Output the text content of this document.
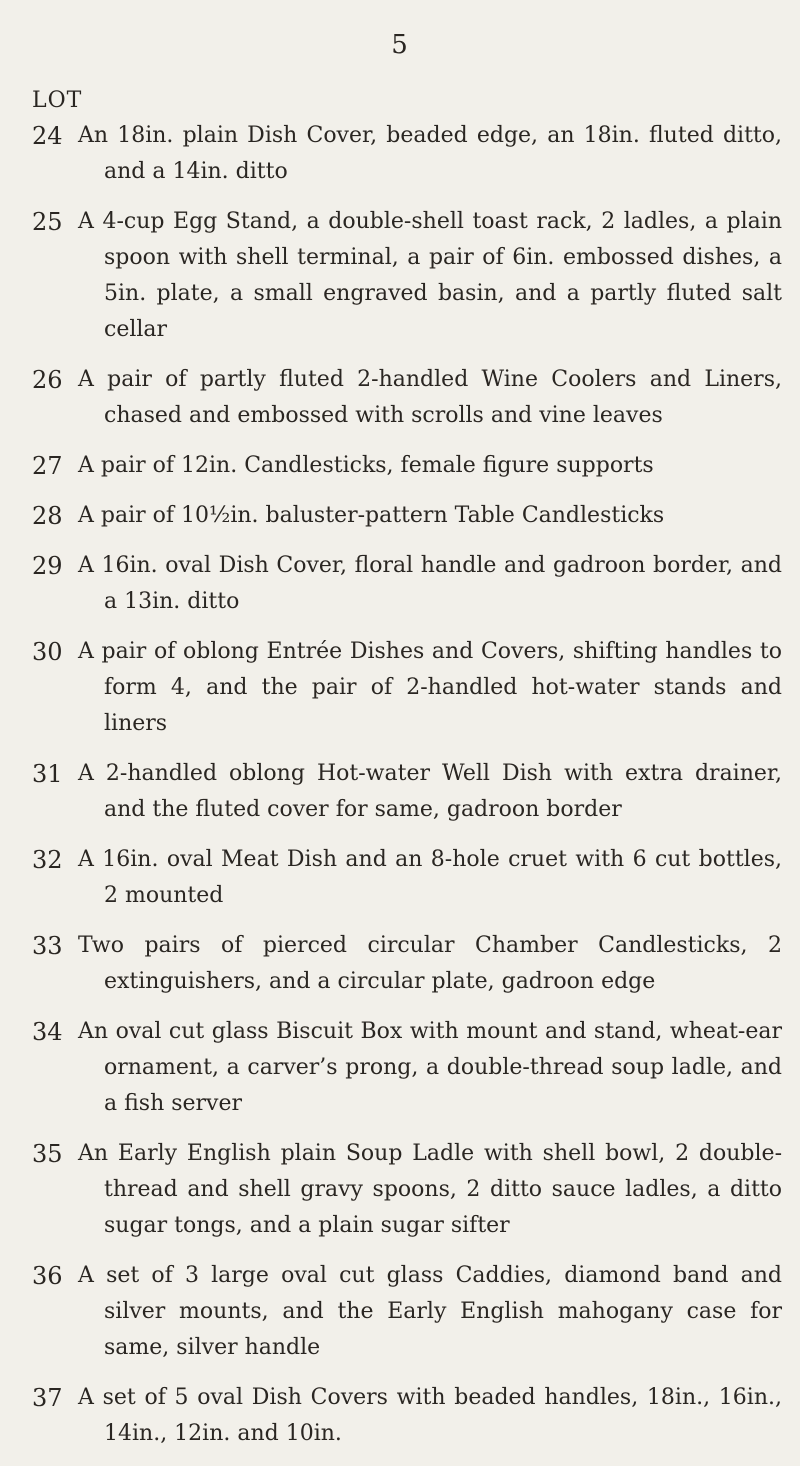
5
LOT
24 An 18in. plain Dish Cover, beaded edge, an 18in. fluted ditto, and a 14in. ditto
25 A 4-cup Egg Stand, a double-shell toast rack, 2 ladles, a plain spoon with shell terminal, a pair of 6in. embossed dishes, a 5in. plate, a small engraved basin, and a partly fluted salt cellar
26 A pair of partly fluted 2-handled Wine Coolers and Liners, chased and embossed with scrolls and vine leaves
27 A pair of 12in. Candlesticks, female figure supports
28 A pair of 10½in. baluster-pattern Table Candlesticks
29 A 16in. oval Dish Cover, floral handle and gadroon border, and a 13in. ditto
30 A pair of oblong Entrée Dishes and Covers, shifting handles to form 4, and the pair of 2-handled hot-water stands and liners
31 A 2-handled oblong Hot-water Well Dish with extra drainer, and the fluted cover for same, gadroon border
32 A 16in. oval Meat Dish and an 8-hole cruet with 6 cut bottles, 2 mounted
33 Two pairs of pierced circular Chamber Candlesticks, 2 extinguishers, and a circular plate, gadroon edge
34 An oval cut glass Biscuit Box with mount and stand, wheat-ear ornament, a carver’s prong, a double-thread soup ladle, and a fish server
35 An Early English plain Soup Ladle with shell bowl, 2 double-thread and shell gravy spoons, 2 ditto sauce ladles, a ditto sugar tongs, and a plain sugar sifter
36 A set of 3 large oval cut glass Caddies, diamond band and silver mounts, and the Early English mahogany case for same, silver handle
37 A set of 5 oval Dish Covers with beaded handles, 18in., 16in., 14in., 12in. and 10in.
